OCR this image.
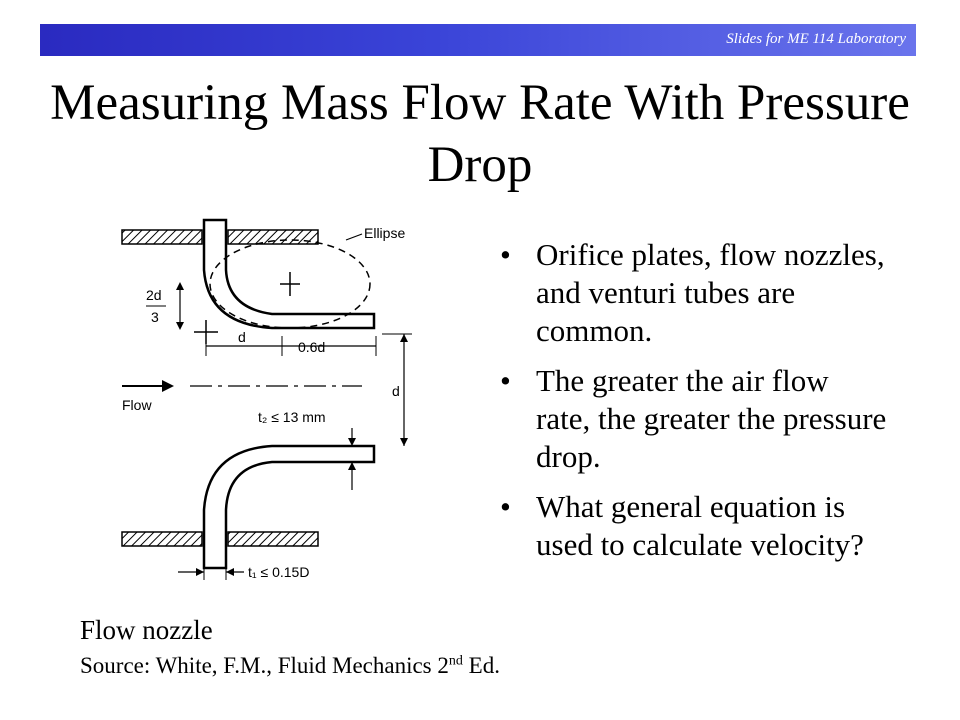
Slides for ME 114 Laboratory
Measuring Mass Flow Rate With Pressure Drop
Ellipse
2d
3
d
0.6d
Flow
d
t₂ ≤ 13 mm
t₁ ≤ 0.15D
• Orifice plates, flow nozzles, and venturi tubes are common.
• The greater the air flow rate, the greater the pressure drop.
• What general equation is used to calculate velocity?
Flow nozzle
Source: White, F.M., Fluid Mechanics 2nd Ed.
